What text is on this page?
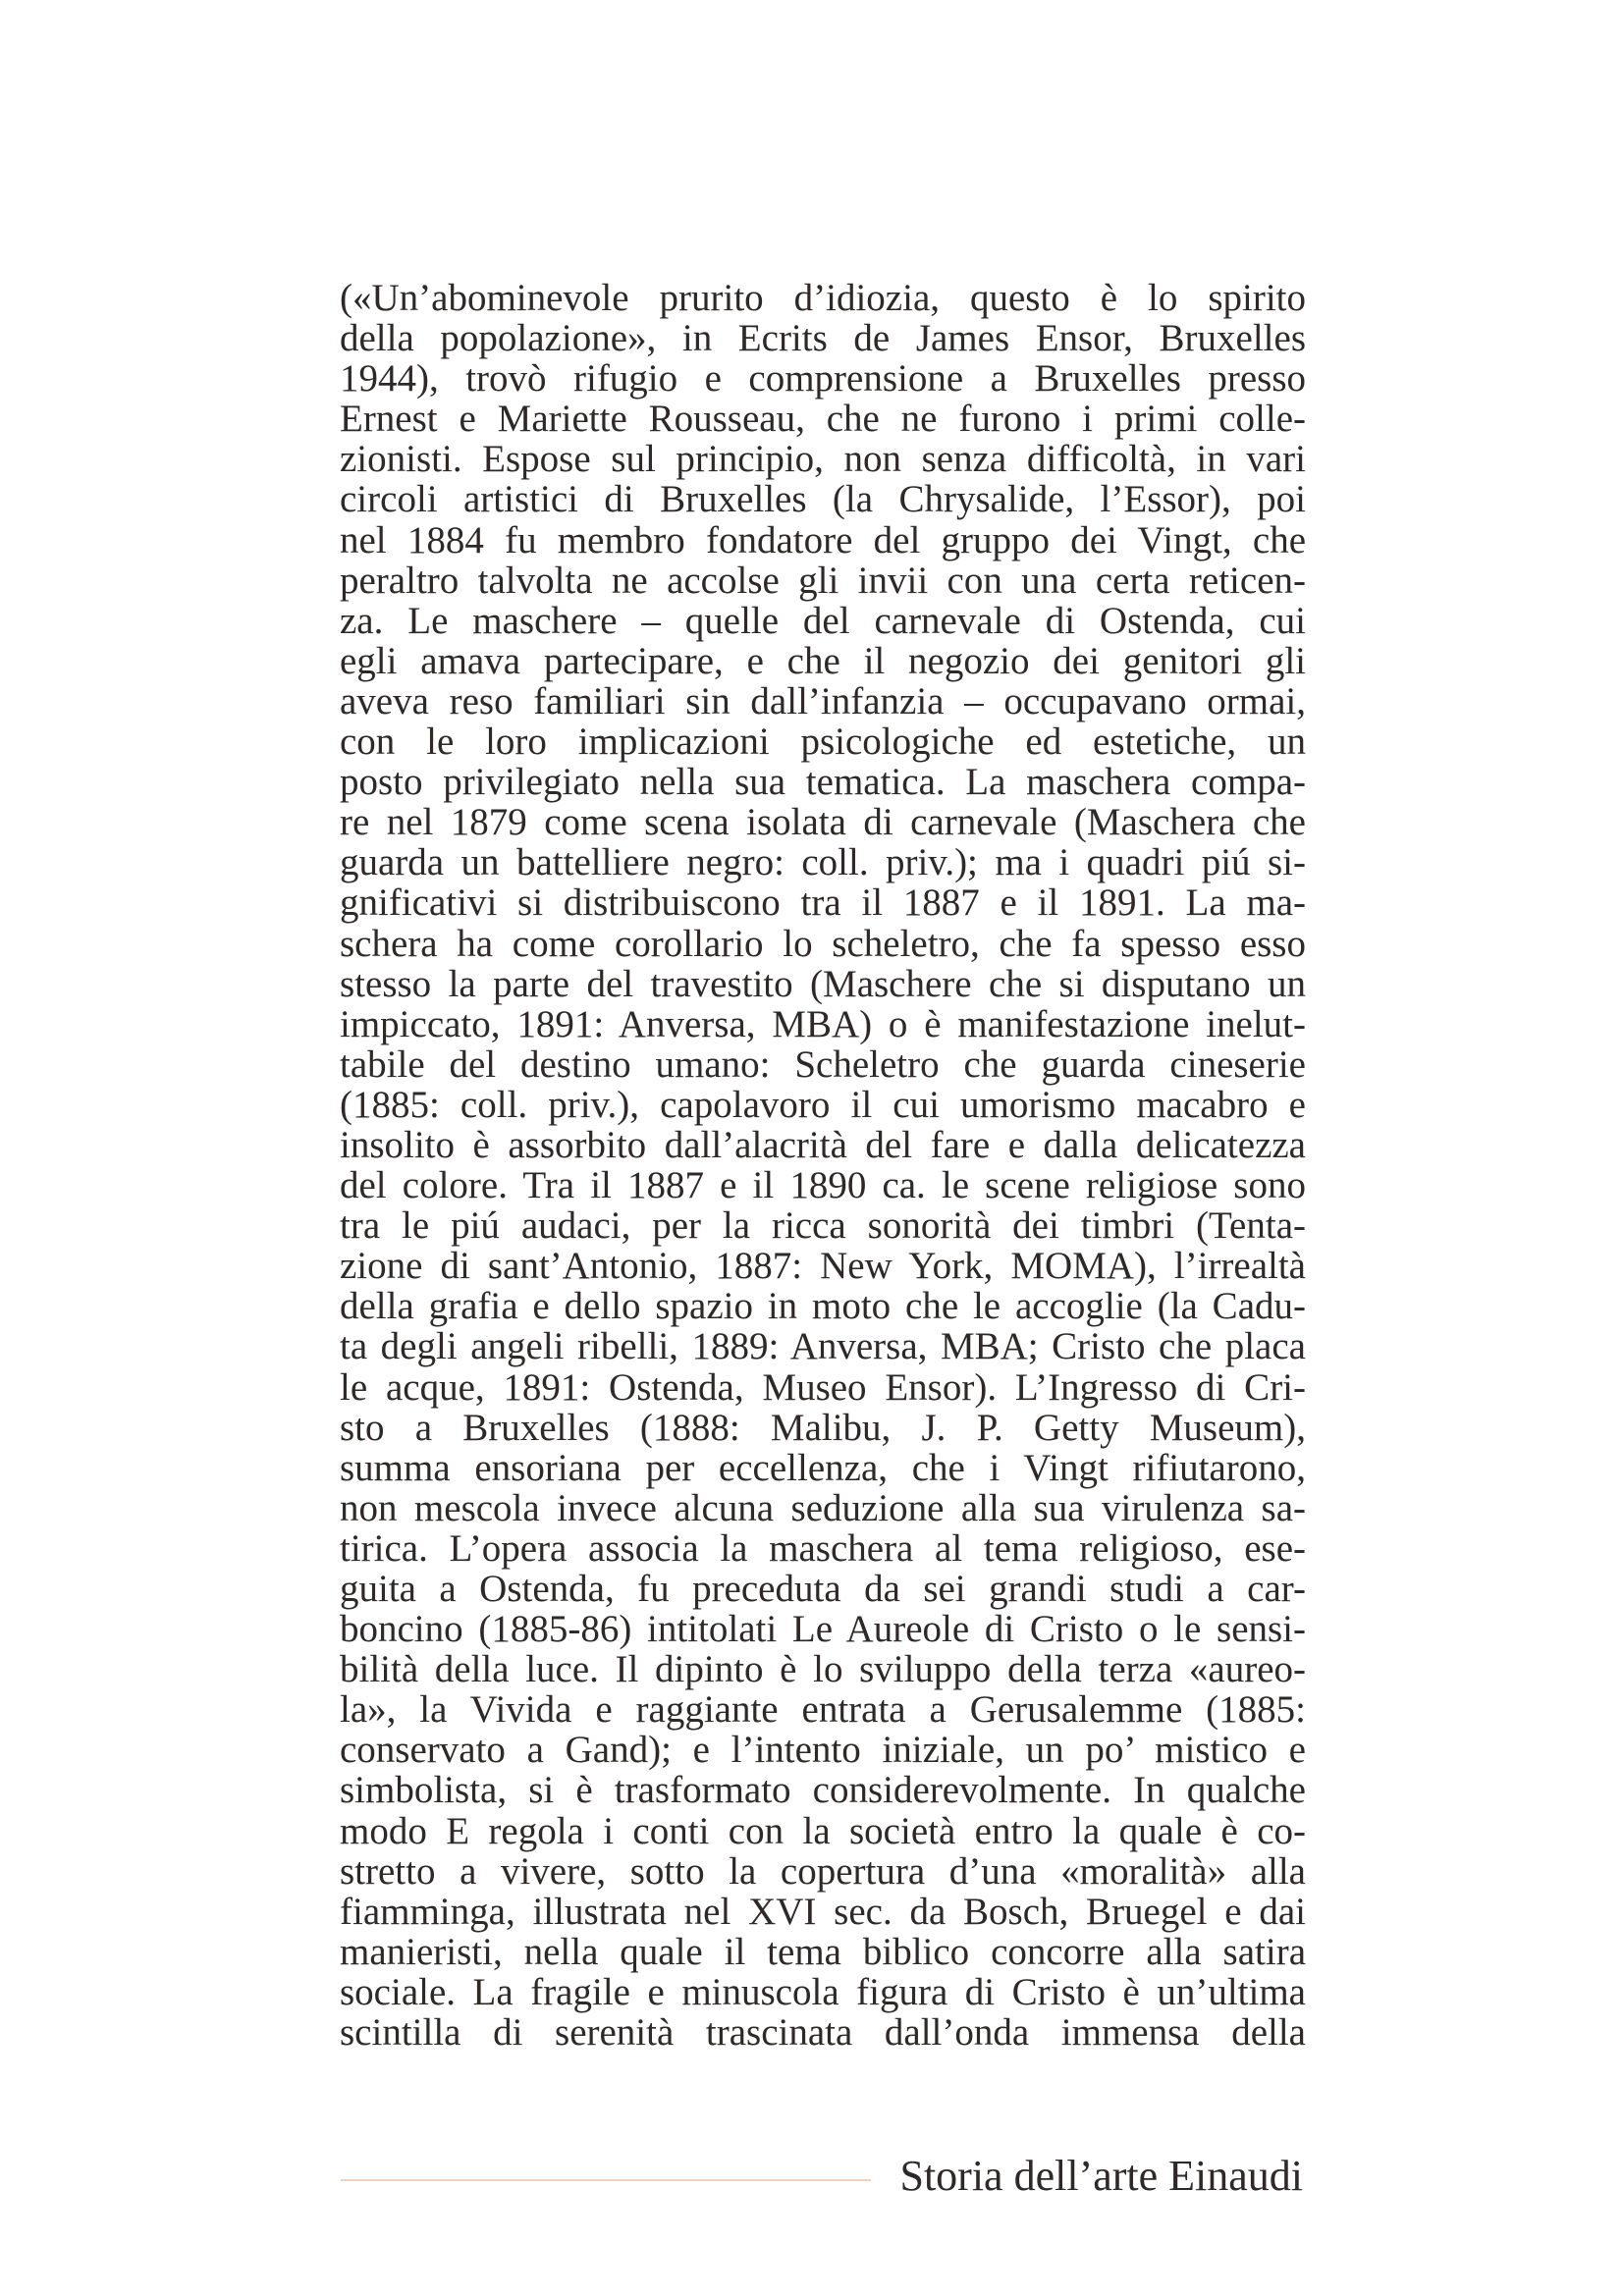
(«Un’abominevole prurito d’idiozia, questo è lo spirito
della popolazione», in Ecrits de James Ensor, Bruxelles
1944), trovò rifugio e comprensione a Bruxelles presso
Ernest e Mariette Rousseau, che ne furono i primi colle-
zionisti. Espose sul principio, non senza difficoltà, in vari
circoli artistici di Bruxelles (la Chrysalide, l’Essor), poi
nel 1884 fu membro fondatore del gruppo dei Vingt, che
peraltro talvolta ne accolse gli invii con una certa reticen-
za. Le maschere – quelle del carnevale di Ostenda, cui
egli amava partecipare, e che il negozio dei genitori gli
aveva reso familiari sin dall’infanzia – occupavano ormai,
con le loro implicazioni psicologiche ed estetiche, un
posto privilegiato nella sua tematica. La maschera compa-
re nel 1879 come scena isolata di carnevale (Maschera che
guarda un battelliere negro: coll. priv.); ma i quadri piú si-
gnificativi si distribuiscono tra il 1887 e il 1891. La ma-
schera ha come corollario lo scheletro, che fa spesso esso
stesso la parte del travestito (Maschere che si disputano un
impiccato, 1891: Anversa, MBA) o è manifestazione inelut-
tabile del destino umano: Scheletro che guarda cineserie
(1885: coll. priv.), capolavoro il cui umorismo macabro e
insolito è assorbito dall’alacrità del fare e dalla delicatezza
del colore. Tra il 1887 e il 1890 ca. le scene religiose sono
tra le piú audaci, per la ricca sonorità dei timbri (Tenta-
zione di sant’Antonio, 1887: New York, MOMA), l’irrealtà
della grafia e dello spazio in moto che le accoglie (la Cadu-
ta degli angeli ribelli, 1889: Anversa, MBA; Cristo che placa
le acque, 1891: Ostenda, Museo Ensor). L’Ingresso di Cri-
sto a Bruxelles (1888: Malibu, J. P. Getty Museum),
summa ensoriana per eccellenza, che i Vingt rifiutarono,
non mescola invece alcuna seduzione alla sua virulenza sa-
tirica. L’opera associa la maschera al tema religioso, ese-
guita a Ostenda, fu preceduta da sei grandi studi a car-
boncino (1885-86) intitolati Le Aureole di Cristo o le sensi-
bilità della luce. Il dipinto è lo sviluppo della terza «aureo-
la», la Vivida e raggiante entrata a Gerusalemme (1885:
conservato a Gand); e l’intento iniziale, un po’ mistico e
simbolista, si è trasformato considerevolmente. In qualche
modo E regola i conti con la società entro la quale è co-
stretto a vivere, sotto la copertura d’una «moralità» alla
fiamminga, illustrata nel XVI sec. da Bosch, Bruegel e dai
manieristi, nella quale il tema biblico concorre alla satira
sociale. La fragile e minuscola figura di Cristo è un’ultima
scintilla di serenità trascinata dall’onda immensa della
Storia dell’arte Einaudi
